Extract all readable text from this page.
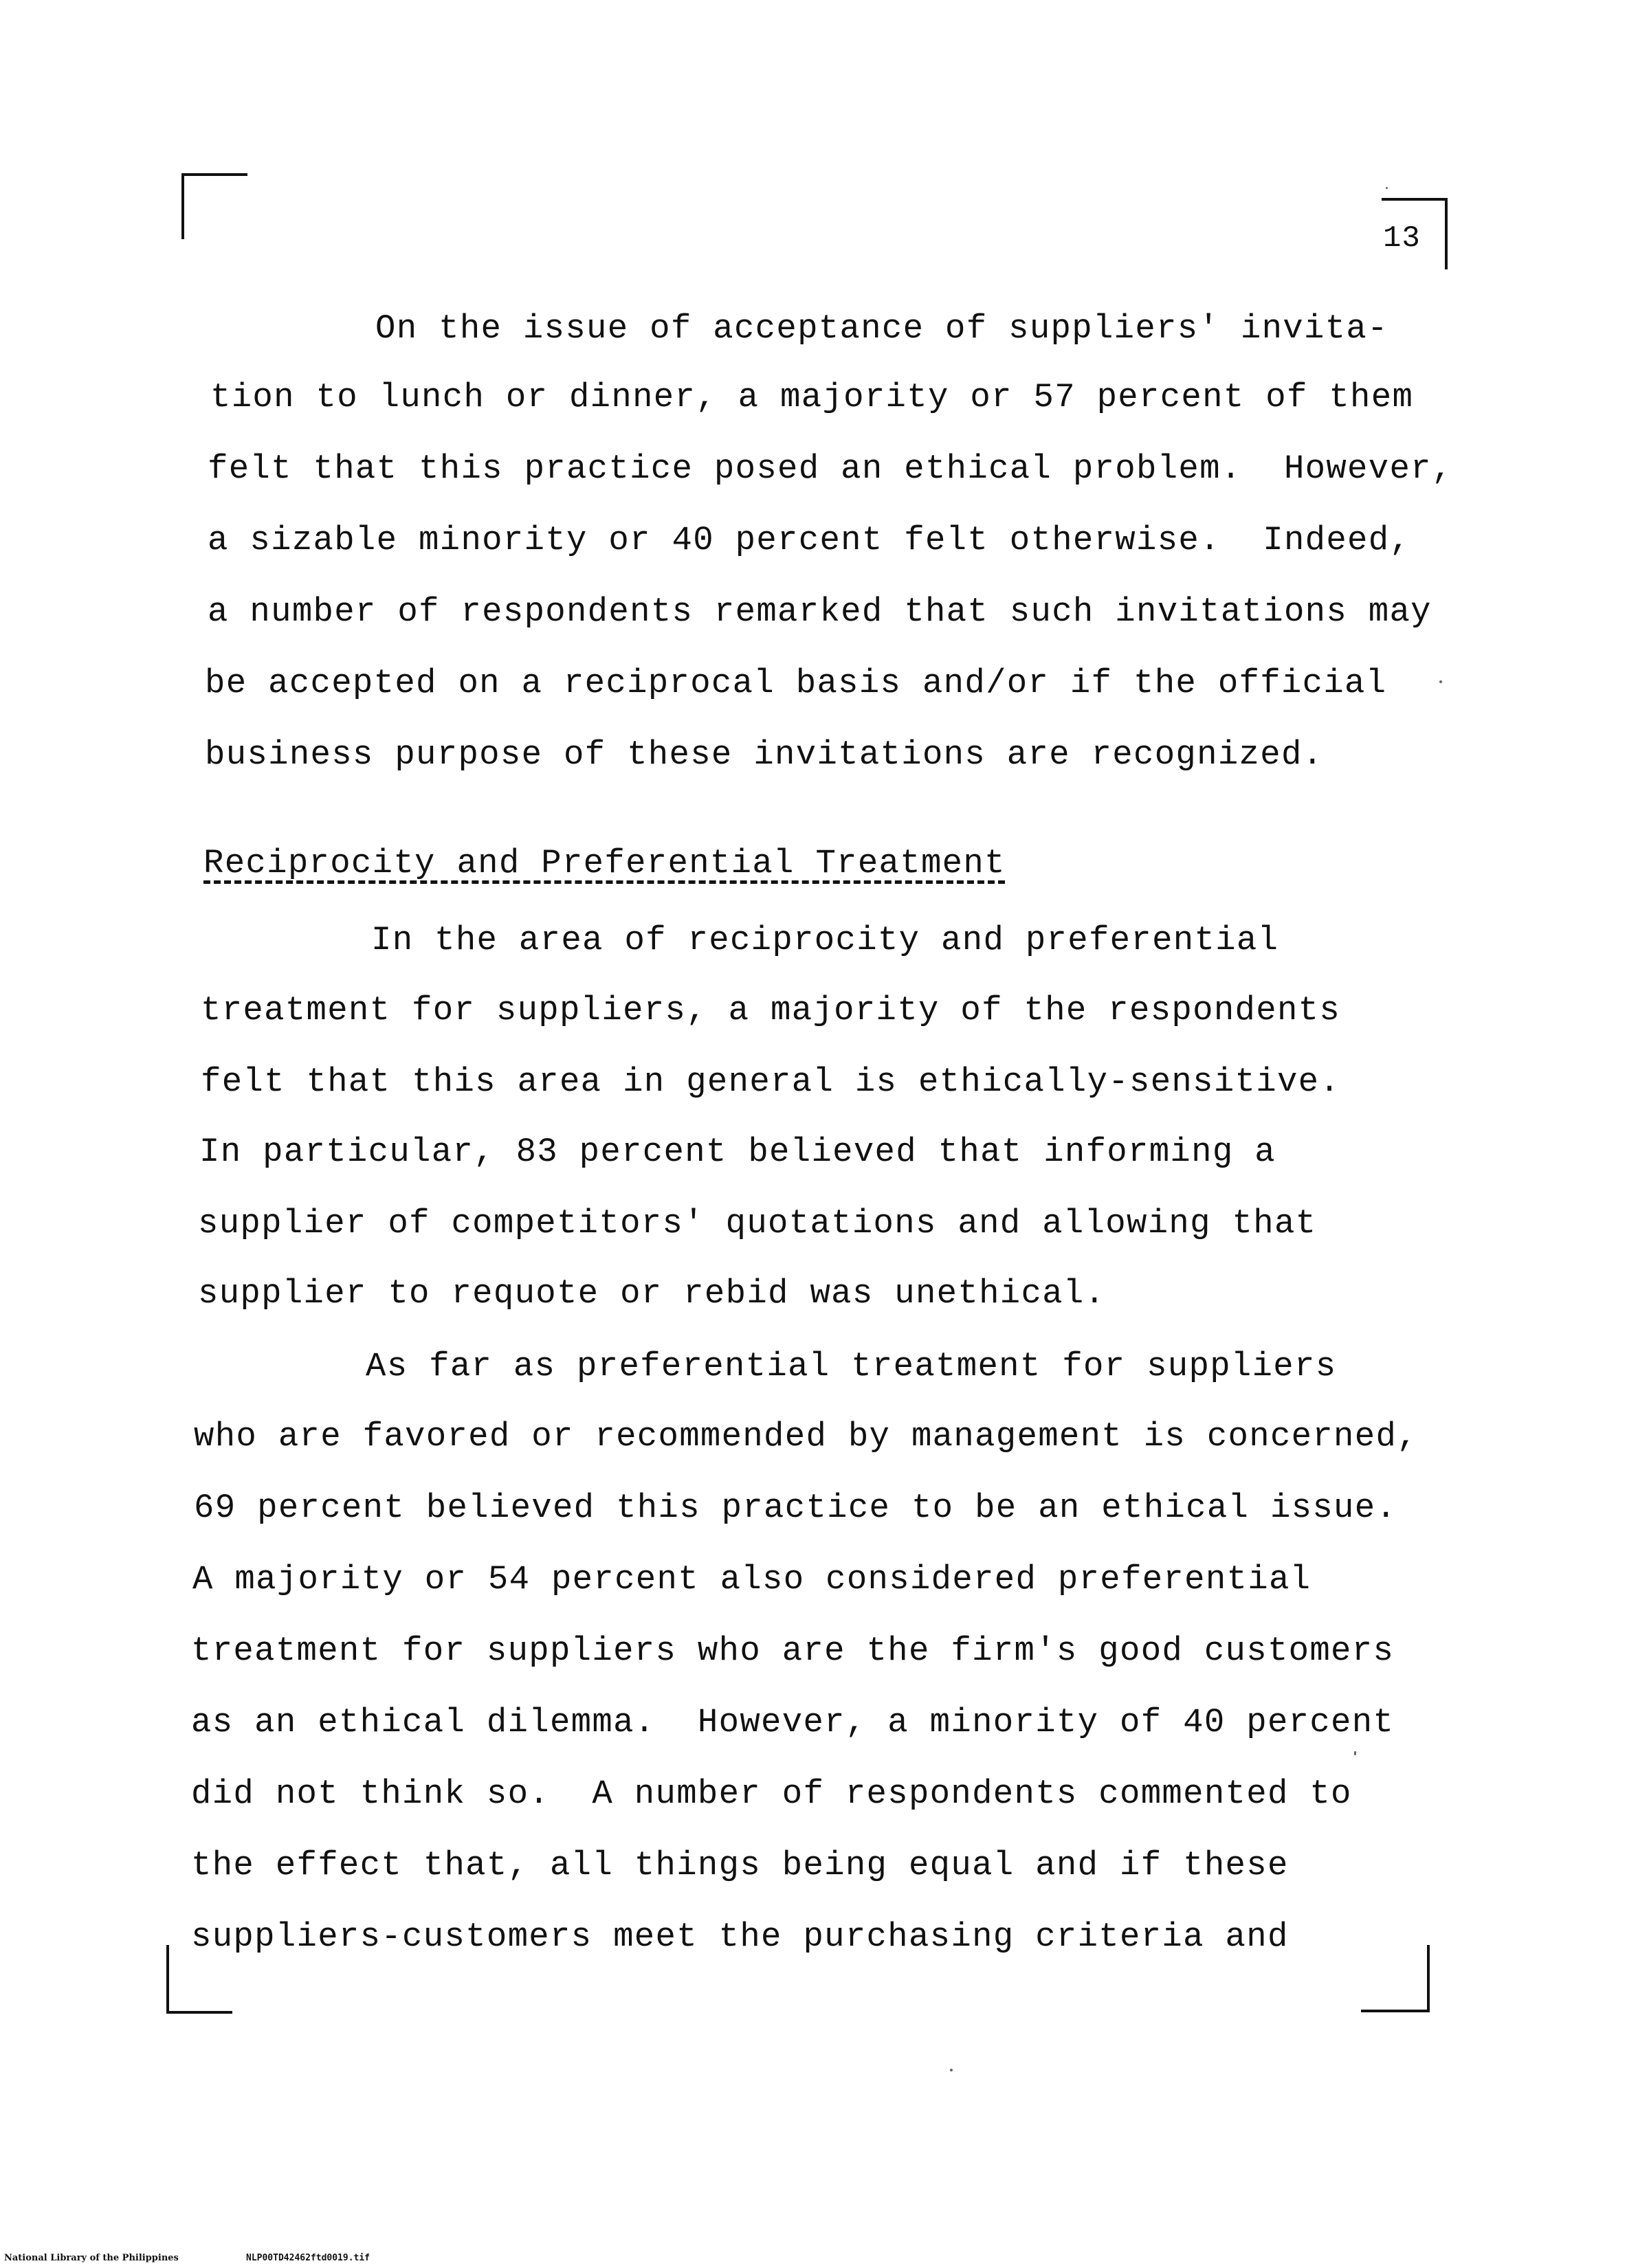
13
On the issue of acceptance of suppliers' invita-
tion to lunch or dinner, a majority or 57 percent of them
felt that this practice posed an ethical problem.  However,
a sizable minority or 40 percent felt otherwise.  Indeed,
a number of respondents remarked that such invitations may
be accepted on a reciprocal basis and/or if the official
business purpose of these invitations are recognized.
Reciprocity and Preferential Treatment
In the area of reciprocity and preferential
treatment for suppliers, a majority of the respondents
felt that this area in general is ethically-sensitive.
In particular, 83 percent believed that informing a
supplier of competitors' quotations and allowing that
supplier to requote or rebid was unethical.
As far as preferential treatment for suppliers
who are favored or recommended by management is concerned,
69 percent believed this practice to be an ethical issue.
A majority or 54 percent also considered preferential
treatment for suppliers who are the firm's good customers
as an ethical dilemma.  However, a minority of 40 percent
did not think so.  A number of respondents commented to
the effect that, all things being equal and if these
suppliers-customers meet the purchasing criteria and
National Library of the Philippines	NLP00TD42462ftd0019.tif
